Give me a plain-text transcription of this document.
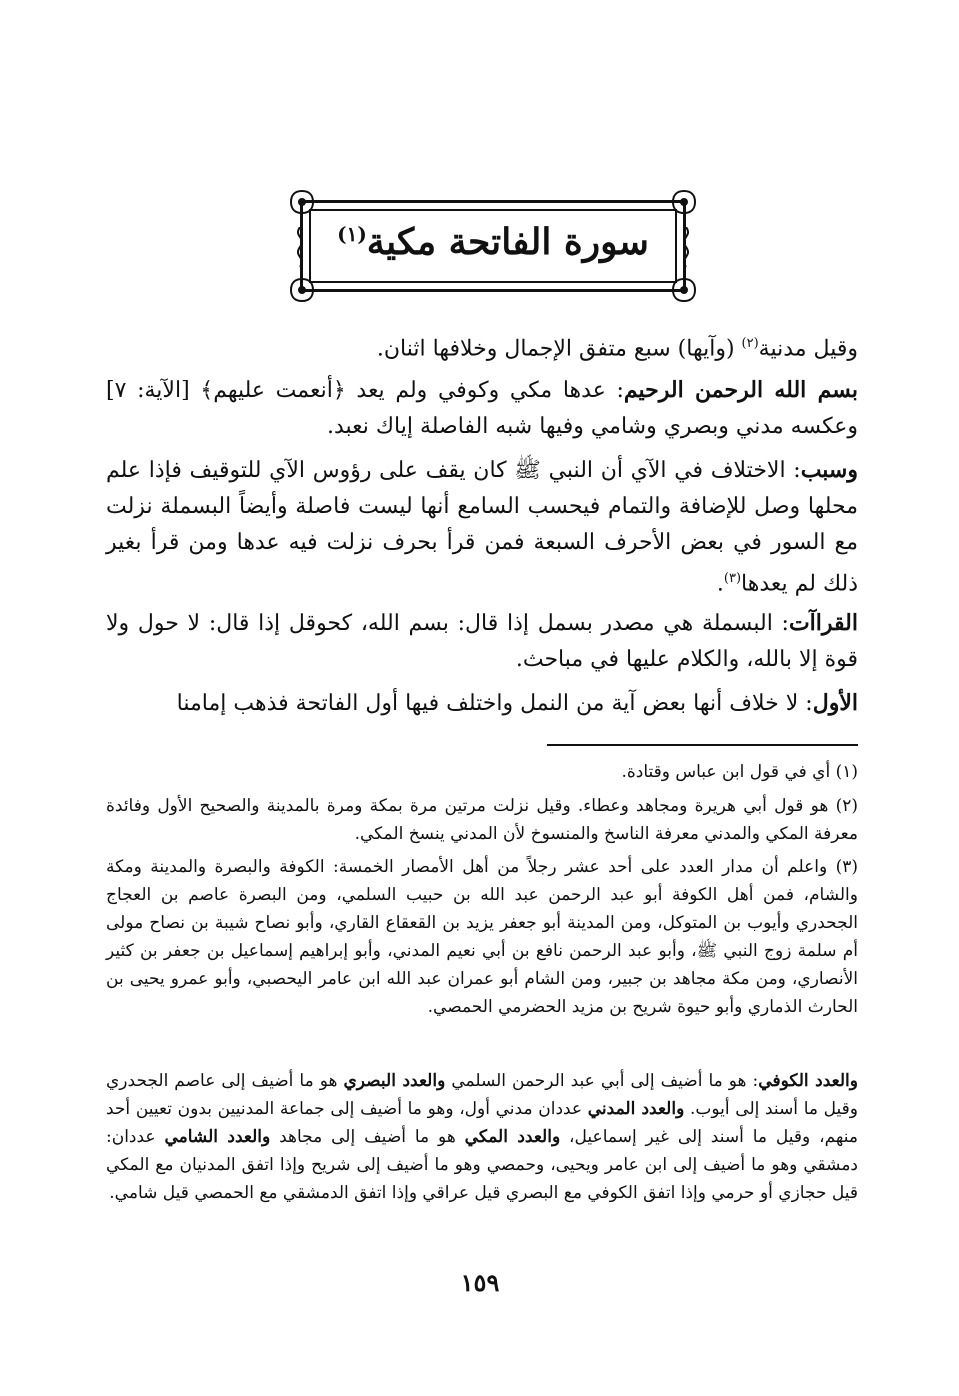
سورة الفاتحة مكية$^{(١)}$

وقيل مدنية$^{(٢)}$ (وآيها) سبع متفق الإجمال وخلافها اثنان.

بسم الله الرحمن الرحيم: عدها مكي وكوفي ولم يعد ﴿أنعمت عليهم﴾ [الآية: ٧] وعكسه مدني وبصري وشامي وفيها شبه الفاصلة إياك نعبد.

وسبب: الاختلاف في الآي أن النبي ﷺ كان يقف على رؤوس الآي للتوقيف فإذا علم محلها وصل للإضافة والتمام فيحسب السامع أنها ليست فاصلة وأيضاً البسملة نزلت مع السور في بعض الأحرف السبعة فمن قرأ بحرف نزلت فيه عدها ومن قرأ بغير ذلك لم يعدها$^{(٣)}$.

القراآت: البسملة هي مصدر بسمل إذا قال: بسم الله، كحوقل إذا قال: لا حول ولا قوة إلا بالله، والكلام عليها في مباحث.

الأول: لا خلاف أنها بعض آية من النمل واختلف فيها أول الفاتحة فذهب إمامنا

(١) أي في قول ابن عباس وقتادة.

(٢) هو قول أبي هريرة ومجاهد وعطاء. وقيل نزلت مرتين مرة بمكة ومرة بالمدينة والصحيح الأول وفائدة معرفة المكي والمدني معرفة الناسخ والمنسوخ لأن المدني ينسخ المكي.

(٣) واعلم أن مدار العدد على أحد عشر رجلاً من أهل الأمصار الخمسة: الكوفة والبصرة والمدينة ومكة والشام، فمن أهل الكوفة أبو عبد الرحمن عبد الله بن حبيب السلمي، ومن البصرة عاصم بن العجاج الجحدري وأيوب بن المتوكل، ومن المدينة أبو جعفر يزيد بن القعقاع القاري، وأبو نصاح شيبة بن نصاح مولى أم سلمة زوج النبي ﷺ، وأبو عبد الرحمن نافع بن أبي نعيم المدني، وأبو إبراهيم إسماعيل بن جعفر بن كثير الأنصاري، ومن مكة مجاهد بن جبير، ومن الشام أبو عمران عبد الله ابن عامر اليحصبي، وأبو عمرو يحيى بن الحارث الذماري وأبو حيوة شريح بن مزيد الحضرمي الحمصي.

والعدد الكوفي: هو ما أضيف إلى أبي عبد الرحمن السلمي والعدد البصري هو ما أضيف إلى عاصم الجحدري وقيل ما أسند إلى أيوب. والعدد المدني عددان مدني أول، وهو ما أضيف إلى جماعة المدنيين بدون تعيين أحد منهم، وقيل ما أسند إلى غير إسماعيل، والعدد المكي هو ما أضيف إلى مجاهد والعدد الشامي عددان: دمشقي وهو ما أضيف إلى ابن عامر ويحيى، وحمصي وهو ما أضيف إلى شريح وإذا اتفق المدنيان مع المكي قيل حجازي أو حرمي وإذا اتفق الكوفي مع البصري قيل عراقي وإذا اتفق الدمشقي مع الحمصي قيل شامي.

١٥٩
